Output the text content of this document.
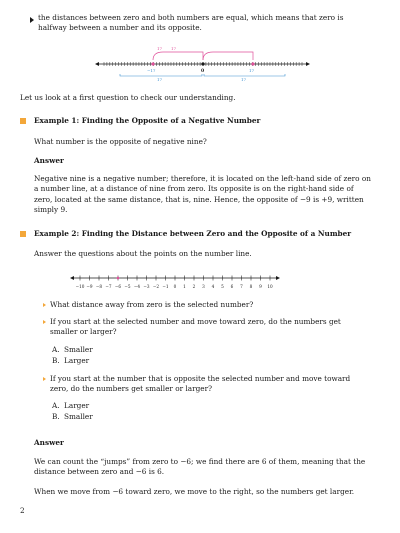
the distances between zero and both numbers are equal, which means that zero is halfway between a number and its opposite.

17 17
−17	0	17
17	17

Let us look at a first question to check our understanding.

Example 1: Finding the Opposite of a Negative Number

What number is the opposite of negative nine?

Answer

Negative nine is a negative number; therefore, it is located on the left-hand side of zero on a number line, at a distance of nine from zero. Its opposite is on the right-hand side of zero, located at the same distance, that is, nine. Hence, the opposite of −9 is +9, written simply 9.

Example 2: Finding the Distance between Zero and the Opposite of a Number

Answer the questions about the points on the number line.

−10 −9 −8 −7 −6 −5 −4 −3 −2 −1 0 1 2 3 4 5 6 7 8 9 10

What distance away from zero is the selected number?

If you start at the selected number and move toward zero, do the numbers get smaller or larger?

A. Smaller
B. Larger

If you start at the number that is opposite the selected number and move toward zero, do the numbers get smaller or larger?

A. Larger
B. Smaller

Answer

We can count the “jumps” from zero to −6; we find there are 6 of them, meaning that the distance between zero and −6 is 6.

When we move from −6 toward zero, we move to the right, so the numbers get larger.

2
